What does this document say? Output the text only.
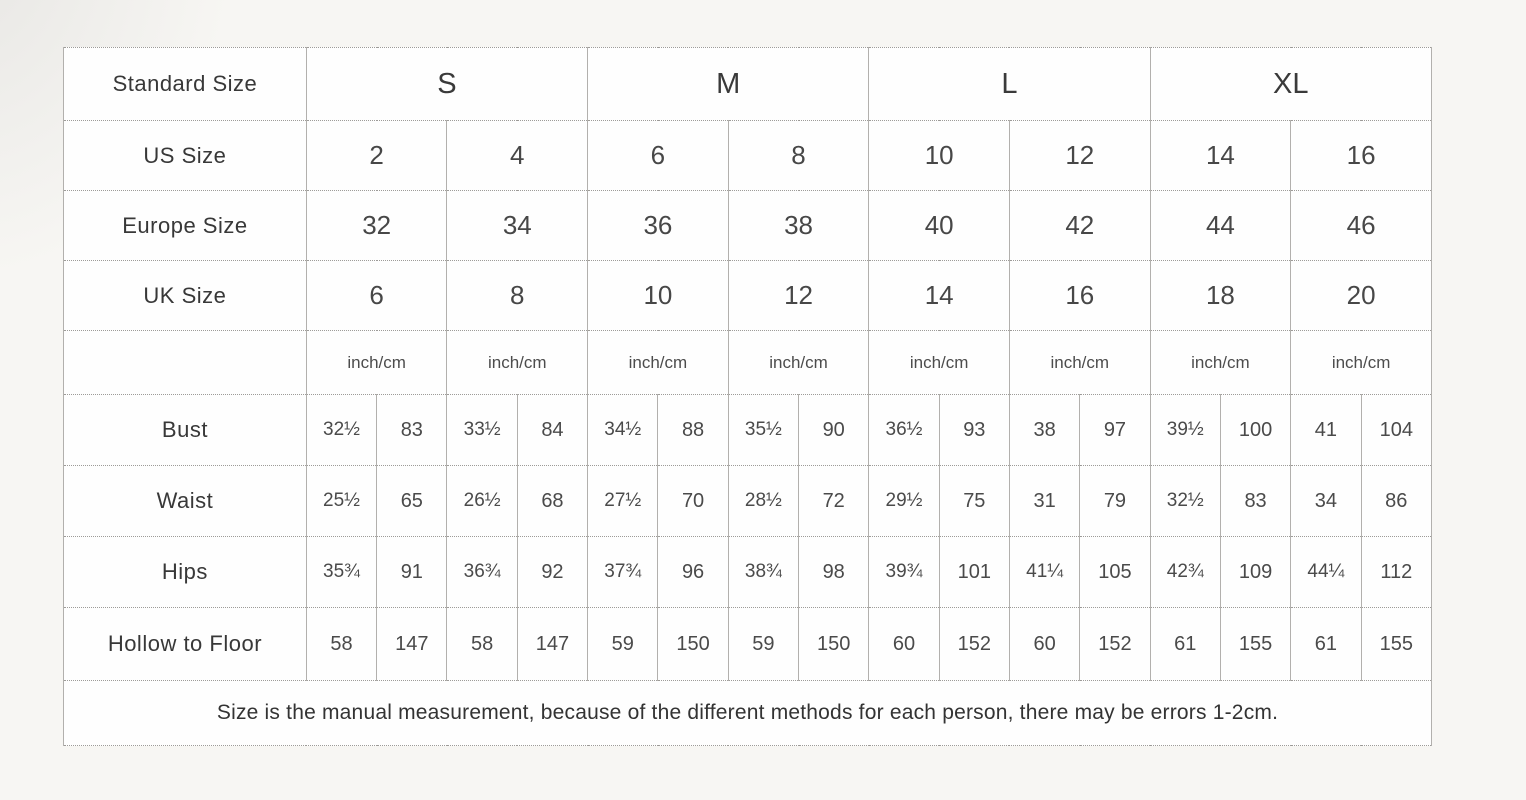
Standard Size	S				M				L				XL			
US Size	2		4		6		8		10		12		14		16	
Europe Size	32		34		36		38		40		42		44		46	
UK Size	6		8		10		12		14		16		18		20	
	inch/cm		inch/cm		inch/cm		inch/cm		inch/cm		inch/cm		inch/cm		inch/cm	
Bust	32½	83	33½	84	34½	88	35½	90	36½	93	38	97	39½	100	41	104
Waist	25½	65	26½	68	27½	70	28½	72	29½	75	31	79	32½	83	34	86
Hips	35¾	91	36¾	92	37¾	96	38¾	98	39¾	101	41¼	105	42¾	109	44¼	112
Hollow to Floor	58	147	58	147	59	150	59	150	60	152	60	152	61	155	61	155
Size is the manual measurement, because of the different methods for each person, there may be errors 1-2cm.																
